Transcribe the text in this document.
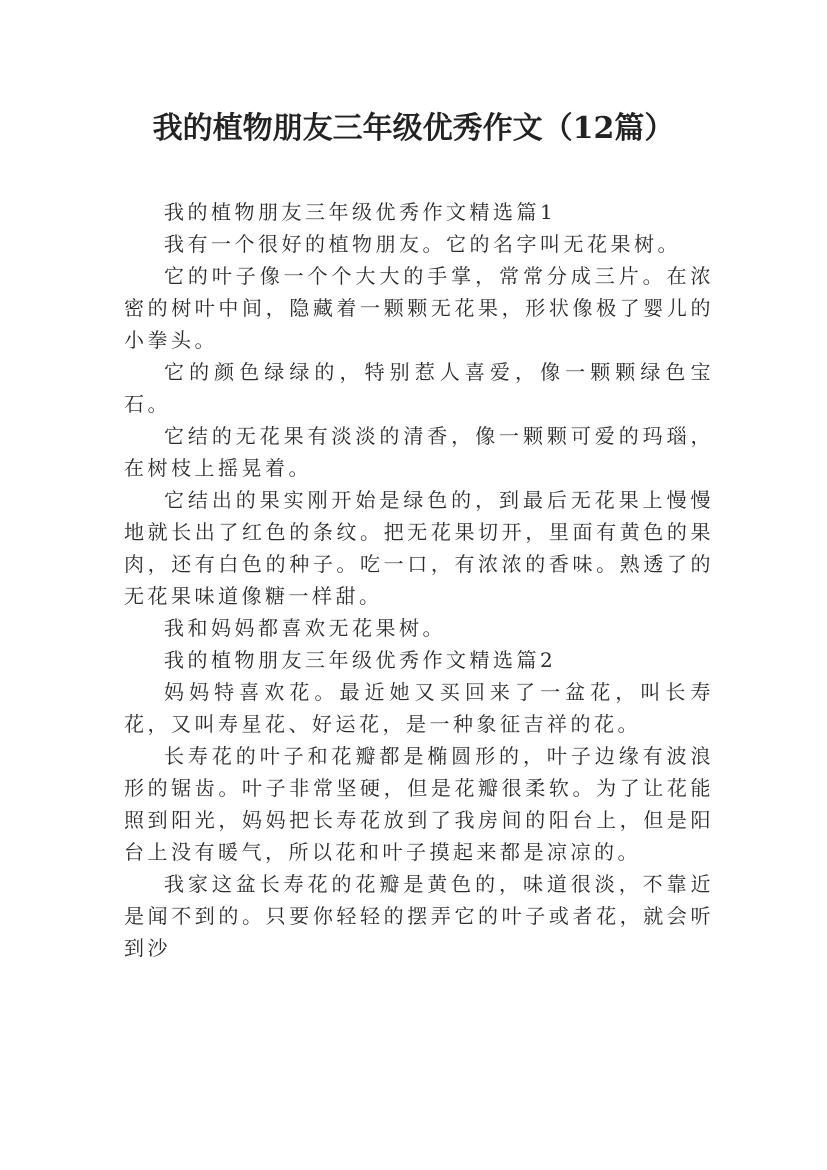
我的植物朋友三年级优秀作文（12篇）

我的植物朋友三年级优秀作文精选篇1

我有一个很好的植物朋友。它的名字叫无花果树。

它的叶子像一个个大大的手掌，常常分成三片。在浓密的树叶中间，隐藏着一颗颗无花果，形状像极了婴儿的小拳头。

它的颜色绿绿的，特别惹人喜爱，像一颗颗绿色宝石。

它结的无花果有淡淡的清香，像一颗颗可爱的玛瑙，在树枝上摇晃着。

它结出的果实刚开始是绿色的，到最后无花果上慢慢地就长出了红色的条纹。把无花果切开，里面有黄色的果肉，还有白色的种子。吃一口，有浓浓的香味。熟透了的无花果味道像糖一样甜。

我和妈妈都喜欢无花果树。

我的植物朋友三年级优秀作文精选篇2

妈妈特喜欢花。最近她又买回来了一盆花，叫长寿花，又叫寿星花、好运花，是一种象征吉祥的花。

长寿花的叶子和花瓣都是椭圆形的，叶子边缘有波浪形的锯齿。叶子非常坚硬，但是花瓣很柔软。为了让花能照到阳光，妈妈把长寿花放到了我房间的阳台上，但是阳台上没有暖气，所以花和叶子摸起来都是凉凉的。

我家这盆长寿花的花瓣是黄色的，味道很淡，不靠近是闻不到的。只要你轻轻的摆弄它的叶子或者花，就会听到沙
